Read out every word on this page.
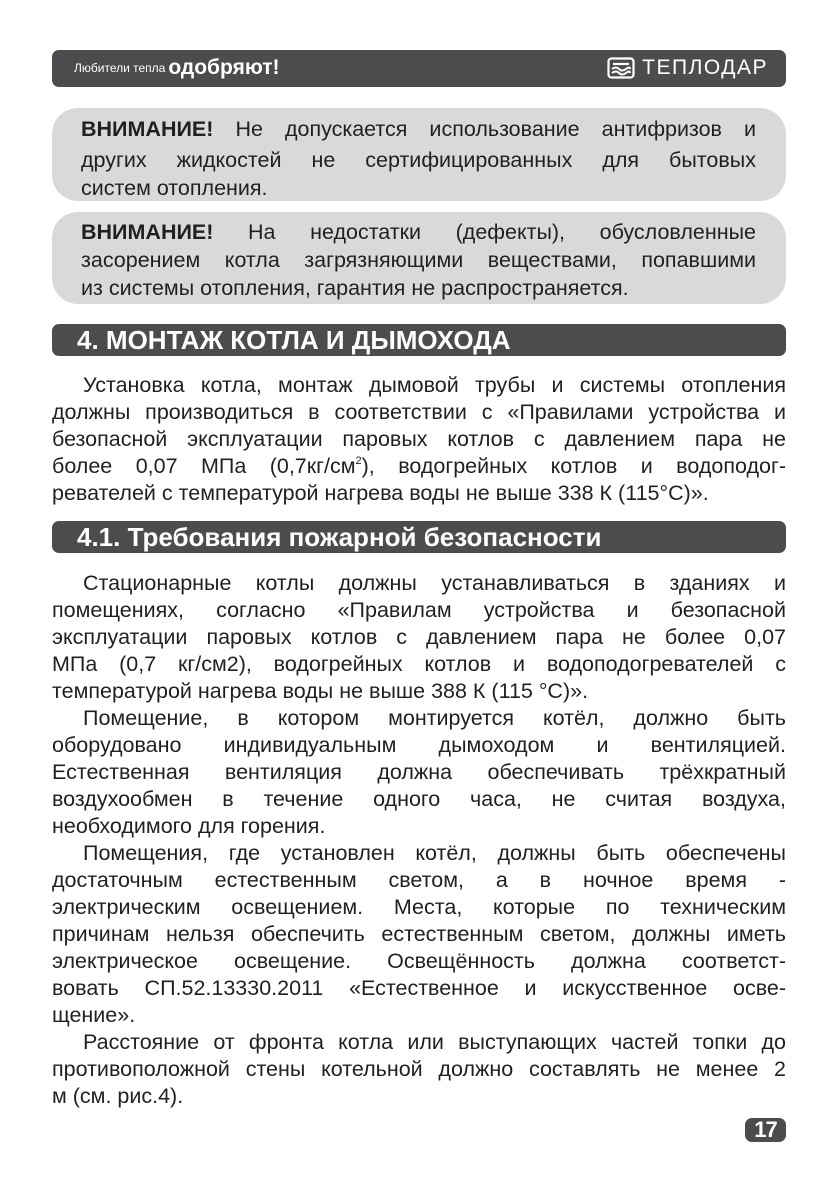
Любители тепла одобряют!	ТЕПЛОДАР
ВНИМАНИЕ! Не допускается использование антифризов и
других жидкостей не сертифицированных для бытовых
систем отопления.
ВНИМАНИЕ! На недостатки (дефекты), обусловленные
засорением котла загрязняющими веществами, попавшими
из системы отопления, гарантия не распространяется.
4. МОНТАЖ КОТЛА И ДЫМОХОДА
Установка котла, монтаж дымовой трубы и системы отопления
должны производиться в соответствии с «Правилами устройства и
безопасной эксплуатации паровых котлов с давлением пара не
более 0,07 МПа $(0,7кг/см^2)$, водогрейных котлов и водоподог-
ревателей с температурой нагрева воды не выше 338 К (115°С)».
4.1. Требования пожарной безопасности
Стационарные котлы должны устанавливаться в зданиях и
помещениях, согласно «Правилам устройства и безопасной
эксплуатации паровых котлов с давлением пара не более 0,07
МПа (0,7 кг/см2), водогрейных котлов и водоподогревателей с
температурой нагрева воды не выше 388 К (115 °С)».
Помещение, в котором монтируется котёл, должно быть
оборудовано индивидуальным дымоходом и вентиляцией.
Естественная вентиляция должна обеспечивать трёхкратный
воздухообмен в течение одного часа, не считая воздуха,
необходимого для горения.
Помещения, где установлен котёл, должны быть обеспечены
достаточным естественным светом, а в ночное время -
электрическим освещением. Места, которые по техническим
причинам нельзя обеспечить естественным светом, должны иметь
электрическое освещение. Освещённость должна соответст-
вовать СП.52.13330.2011 «Естественное и искусственное осве-
щение».
Расстояние от фронта котла или выступающих частей топки до
противоположной стены котельной должно составлять не менее 2
м (см. рис.4).
17
